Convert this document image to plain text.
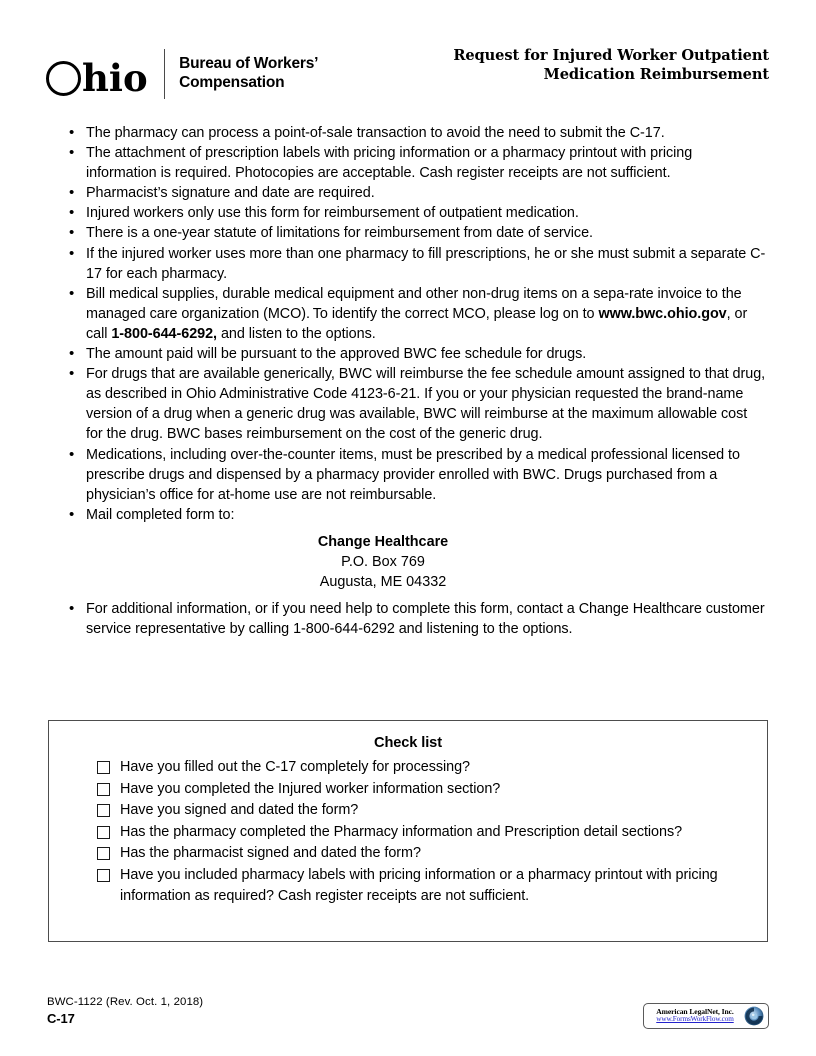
hio Bureau of Workers’
Compensation
Request for Injured Worker Outpatient
Medication Reimbursement
•
The pharmacy can process a point-of-sale transaction to avoid the need to submit the C-17.
•
The attachment of prescription labels with pricing information or a pharmacy printout with pricing information is required. Photocopies are acceptable. Cash register receipts are not sufficient.
•
Pharmacist’s signature and date are required.
•
Injured workers only use this form for reimbursement of outpatient medication.
•
There is a one-year statute of limitations for reimbursement from date of service.
•
If the injured worker uses more than one pharmacy to fill prescriptions, he or she must submit a separate C-17 for each pharmacy.
•
Bill medical supplies, durable medical equipment and other non-drug items on a sepa-rate invoice to the managed care organization (MCO). To identify the correct MCO, please log on to www.bwc.ohio.gov, or call 1-800-644-6292, and listen to the options.
•
The amount paid will be pursuant to the approved BWC fee schedule for drugs.
•
For drugs that are available generically, BWC will reimburse the fee schedule amount assigned to that drug, as described in Ohio Administrative Code 4123-6-21. If you or your physician requested the brand-name version of a drug when a generic drug was available, BWC will reimburse at the maximum allowable cost for the drug. BWC bases reimbursement on the cost of the generic drug.
•
Medications, including over-the-counter items, must be prescribed by a medical professional licensed to prescribe drugs and dispensed by a pharmacy provider enrolled with BWC. Drugs purchased from a physician’s office for at-home use are not reimbursable.
•
Mail completed form to:
Change Healthcare
P.O. Box 769
Augusta, ME 04332
•
For additional information, or if you need help to complete this form, contact a Change Healthcare customer service representative by calling 1-800-644-6292 and listening to the options.
Check list
Have you filled out the C-17 completely for processing?
Have you completed the Injured worker information section?
Have you signed and dated the form?
Has the pharmacy completed the Pharmacy information and Prescription detail sections?
Has the pharmacist signed and dated the form?
Have you included pharmacy labels with pricing information or a pharmacy printout with pricing information as required? Cash register receipts are not sufficient.
BWC-1122 (Rev. Oct. 1, 2018)
C-17	American LegalNet, Inc.
www.FormsWorkFlow.com
